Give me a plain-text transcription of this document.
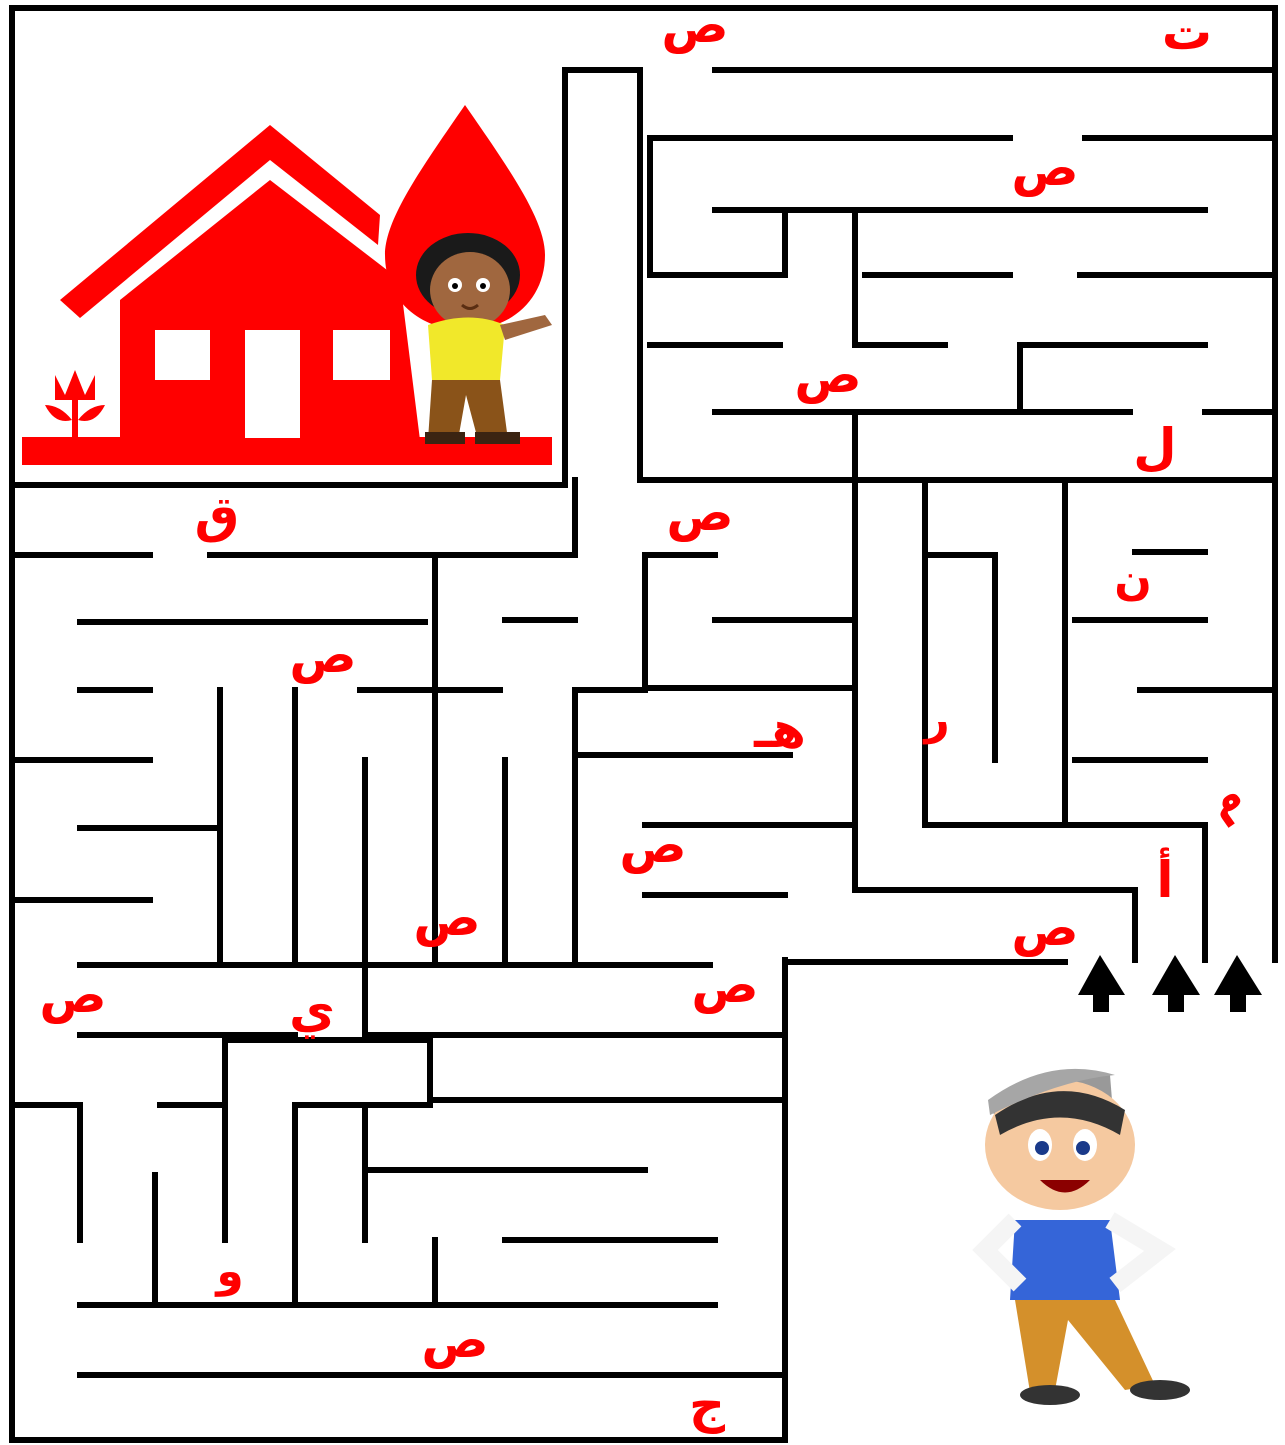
ص	ت
ص
ص
ل
ق	ص
ن
ص
هـ	ر
م
ص
أ
ص	ص
ص
ص	ي
و
ص
ج
